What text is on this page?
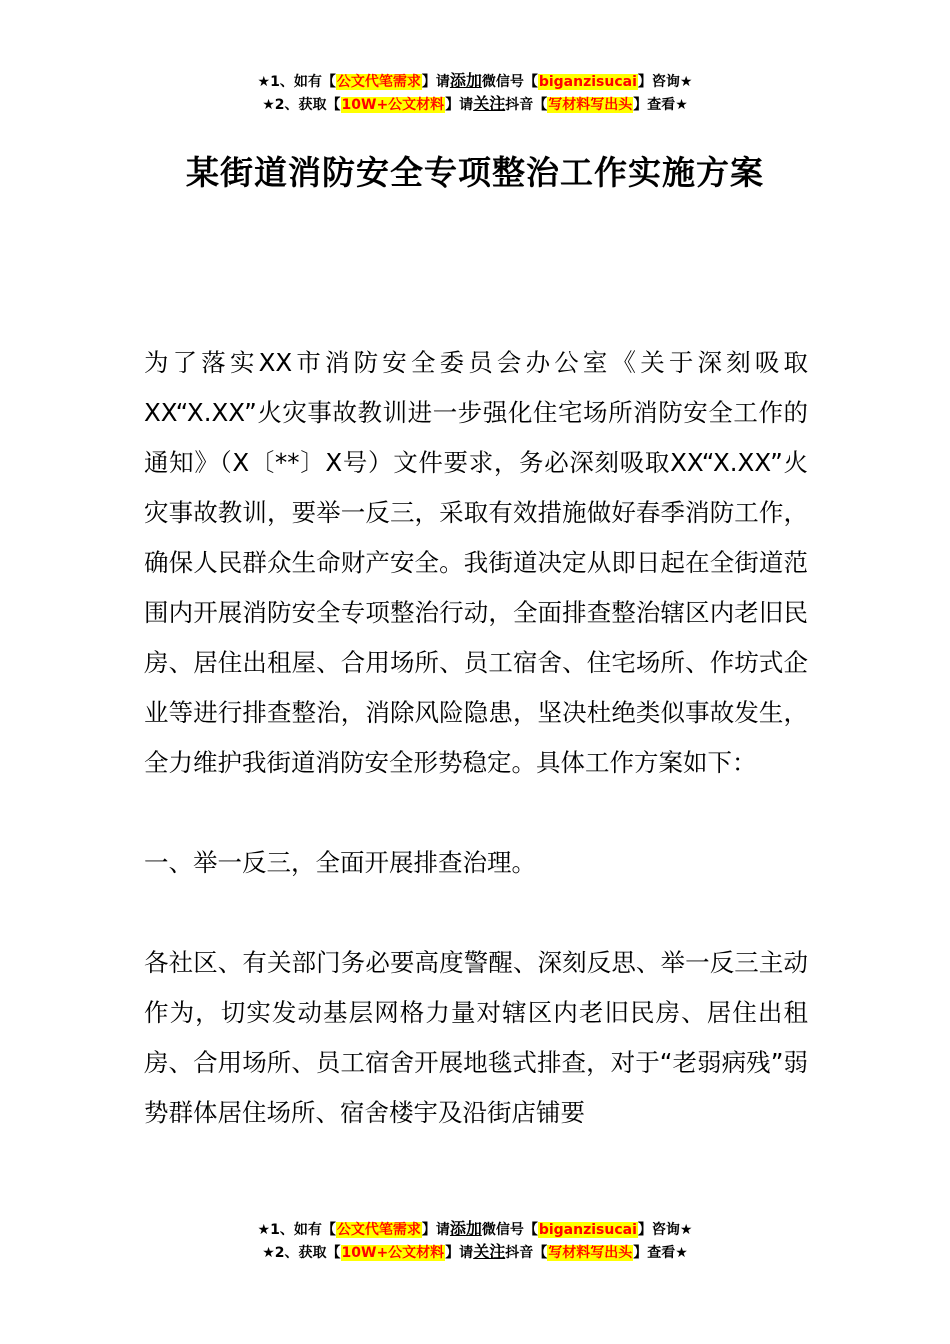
★1、如有【公文代笔需求】请添加微信号【biganzisucai】咨询★
★2、获取【10W+公文材料】请关注抖音【写材料写出头】查看★
某街道消防安全专项整治工作实施方案

为了落实XX市消防安全委员会办公室《关于深刻吸取XX“X.XX”火灾事故教训进一步强化住宅场所消防安全工作的通知》（X〔**〕X号）文件要求，务必深刻吸取XX“X.XX”火灾事故教训，要举一反三，采取有效措施做好春季消防工作，确保人民群众生命财产安全。我街道决定从即日起在全街道范围内开展消防安全专项整治行动，全面排查整治辖区内老旧民房、居住出租屋、合用场所、员工宿舍、住宅场所、作坊式企业等进行排查整治，消除风险隐患，坚决杜绝类似事故发生，全力维护我街道消防安全形势稳定。具体工作方案如下：

一、举一反三，全面开展排查治理。

各社区、有关部门务必要高度警醒、深刻反思、举一反三主动作为，切实发动基层网格力量对辖区内老旧民房、居住出租房、合用场所、员工宿舍开展地毯式排查，对于“老弱病残”弱势群体居住场所、宿舍楼宇及沿街店铺要

★1、如有【公文代笔需求】请添加微信号【biganzisucai】咨询★
★2、获取【10W+公文材料】请关注抖音【写材料写出头】查看★
